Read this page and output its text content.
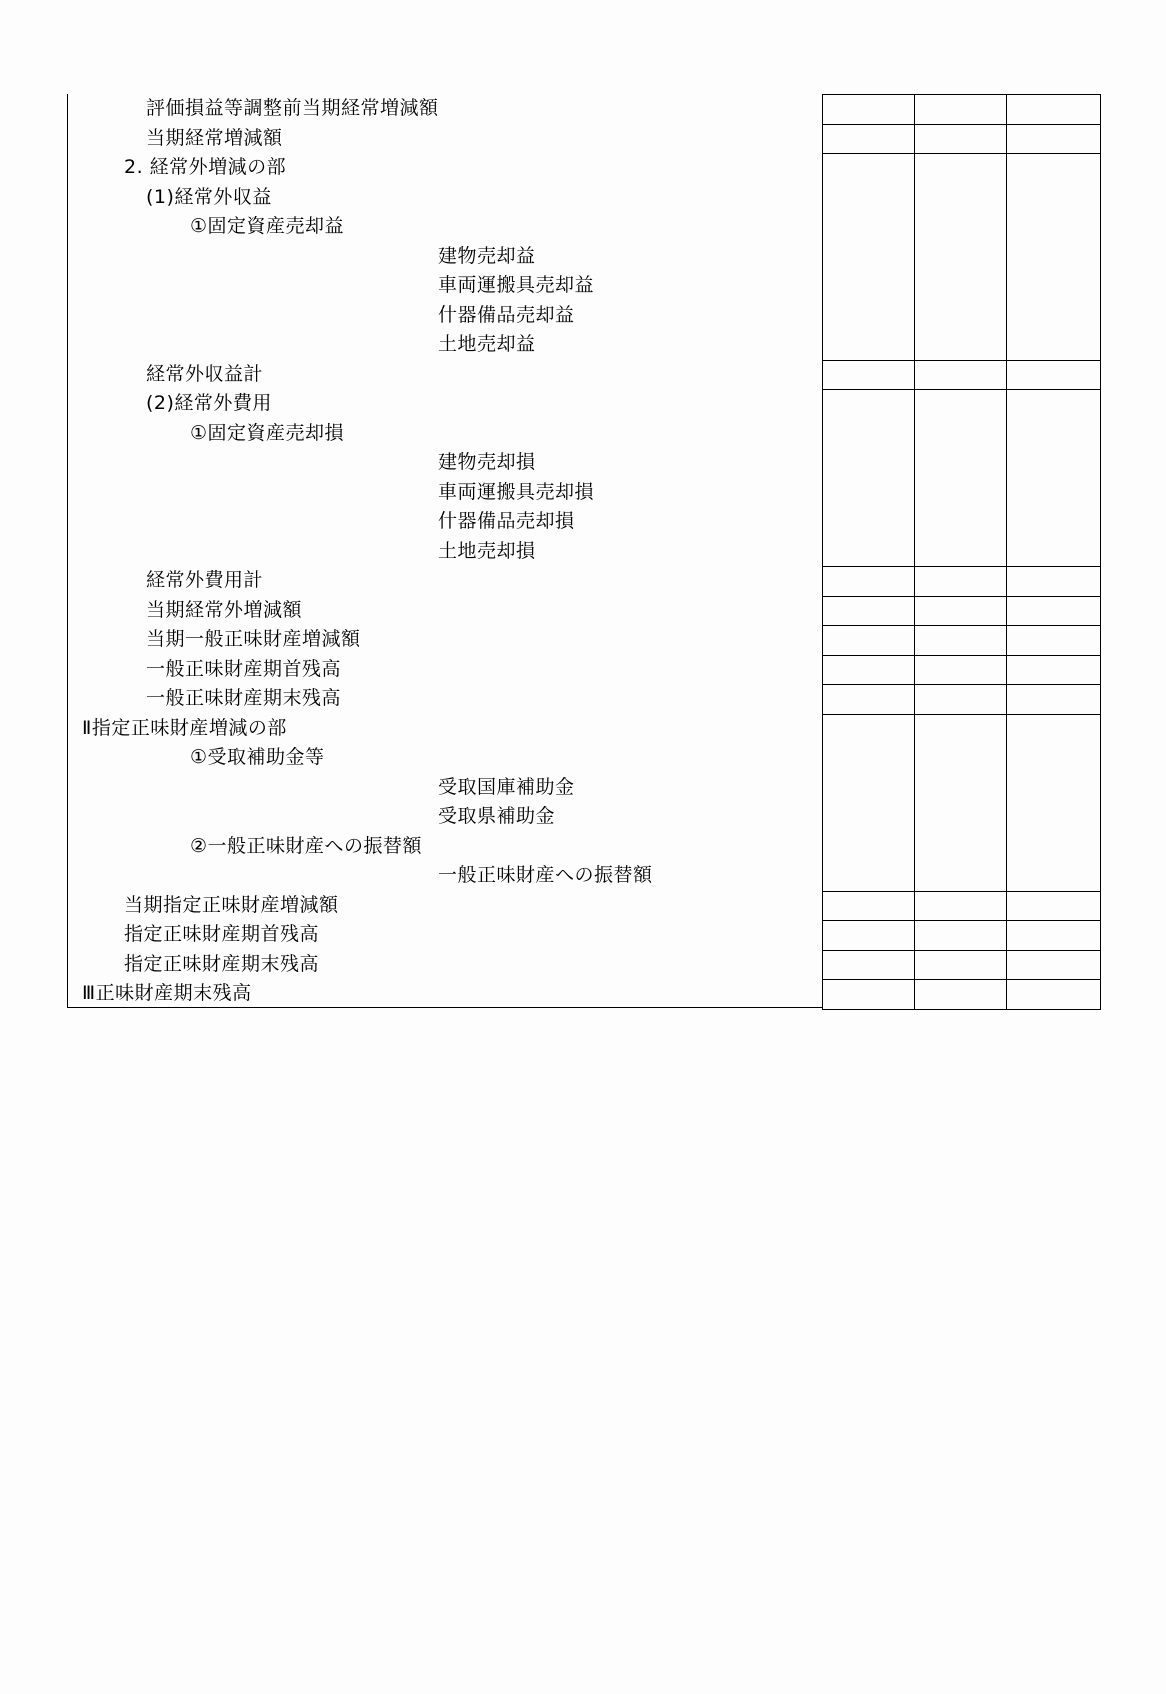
評価損益等調整前当期経常増減額
当期経常増減額
2. 経常外増減の部
(1)経常外収益
①固定資産売却益
建物売却益
車両運搬具売却益
什器備品売却益
土地売却益
経常外収益計
(2)経常外費用
①固定資産売却損
建物売却損
車両運搬具売却損
什器備品売却損
土地売却損
経常外費用計
当期経常外増減額
当期一般正味財産増減額
一般正味財産期首残高
一般正味財産期末残高
Ⅱ指定正味財産増減の部
①受取補助金等
受取国庫補助金
受取県補助金
②一般正味財産への振替額
一般正味財産への振替額
当期指定正味財産増減額
指定正味財産期首残高
指定正味財産期末残高
Ⅲ正味財産期末残高
